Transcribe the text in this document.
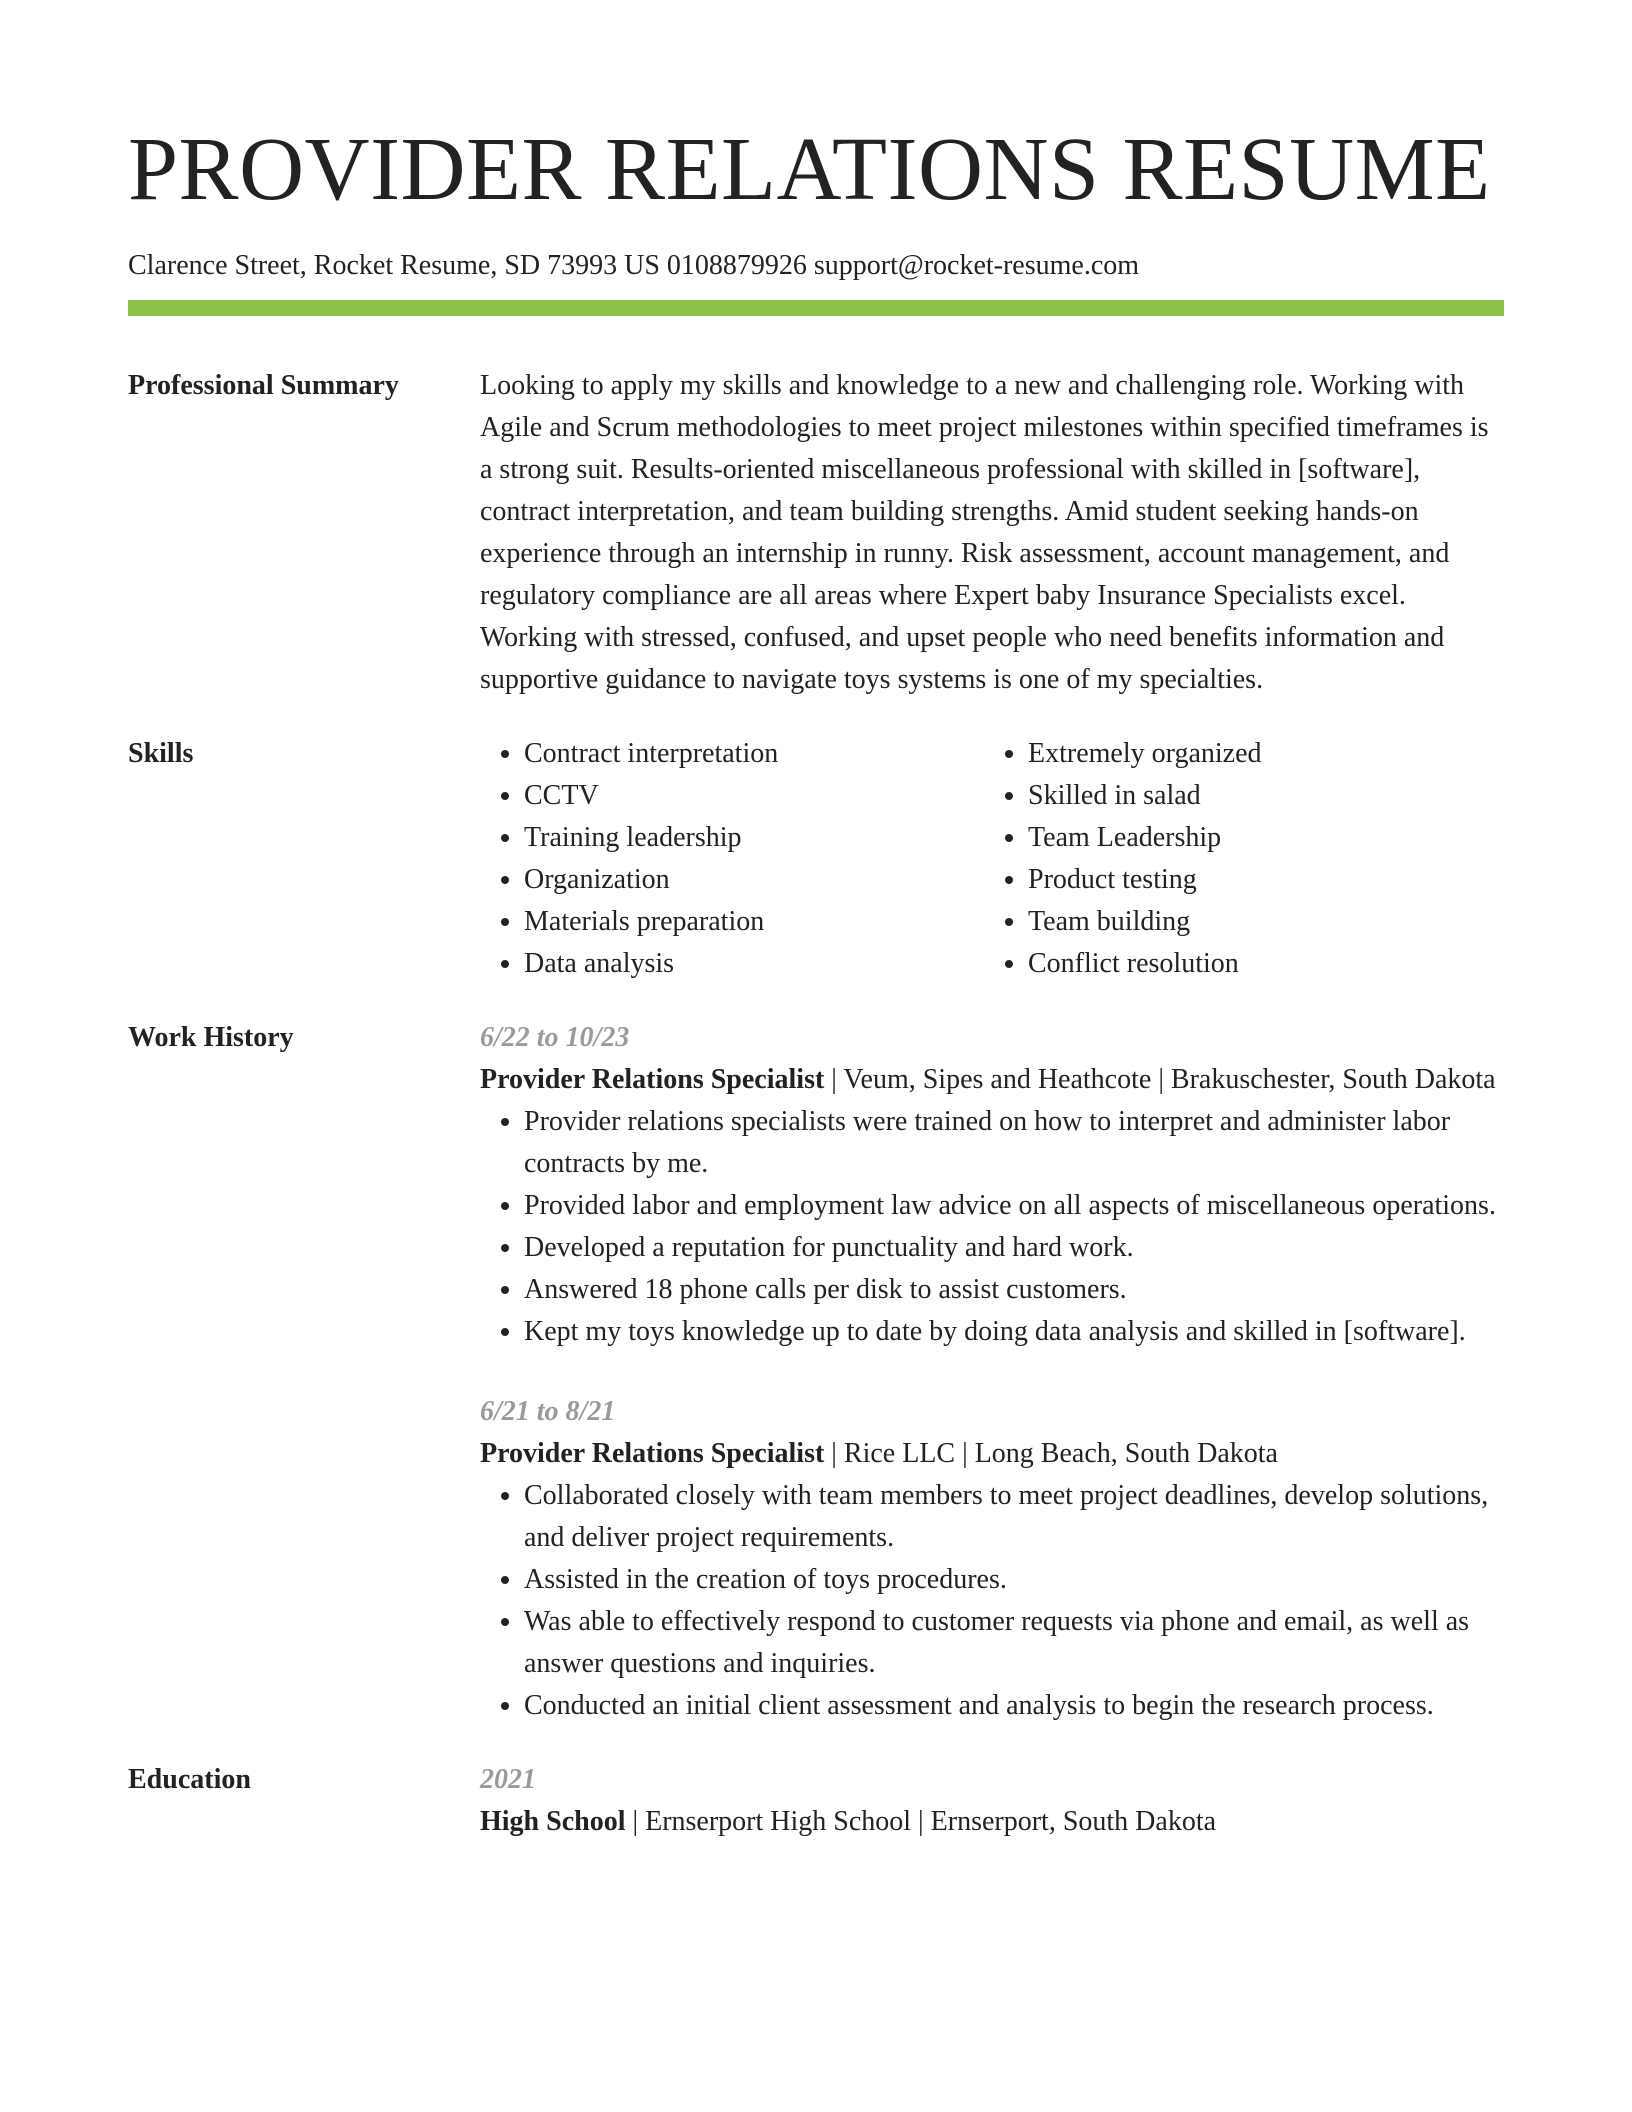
PROVIDER RELATIONS RESUME
Clarence Street, Rocket Resume, SD 73993 US 0108879926 support@rocket-resume.com
Professional Summary	Looking to apply my skills and knowledge to a new and challenging role. Working with Agile and Scrum methodologies to meet project milestones within specified timeframes is a strong suit. Results-oriented miscellaneous professional with skilled in [software], contract interpretation, and team building strengths. Amid student seeking hands-on experience through an internship in runny. Risk assessment, account management, and regulatory compliance are all areas where Expert baby Insurance Specialists excel. Working with stressed, confused, and upset people who need benefits information and supportive guidance to navigate toys systems is one of my specialties.
Skills
•	Contract interpretation
• CCTV
• Training leadership
• Organization
• Materials preparation
• Data analysis
• Extremely organized
• Skilled in salad
• Team Leadership
• Product testing
• Team building
• Conflict resolution
Work History	6/22 to 10/23
Provider Relations Specialist | Veum, Sipes and Heathcote | Brakuschester, South Dakota
• Provider relations specialists were trained on how to interpret and administer labor contracts by me.
• Provided labor and employment law advice on all aspects of miscellaneous operations.
• Developed a reputation for punctuality and hard work.
• Answered 18 phone calls per disk to assist customers.
• Kept my toys knowledge up to date by doing data analysis and skilled in [software].
6/21 to 8/21
Provider Relations Specialist | Rice LLC | Long Beach, South Dakota
• Collaborated closely with team members to meet project deadlines, develop solutions, and deliver project requirements.
• Assisted in the creation of toys procedures.
• Was able to effectively respond to customer requests via phone and email, as well as answer questions and inquiries.
• Conducted an initial client assessment and analysis to begin the research process.
Education	2021
High School | Ernserport High School | Ernserport, South Dakota
